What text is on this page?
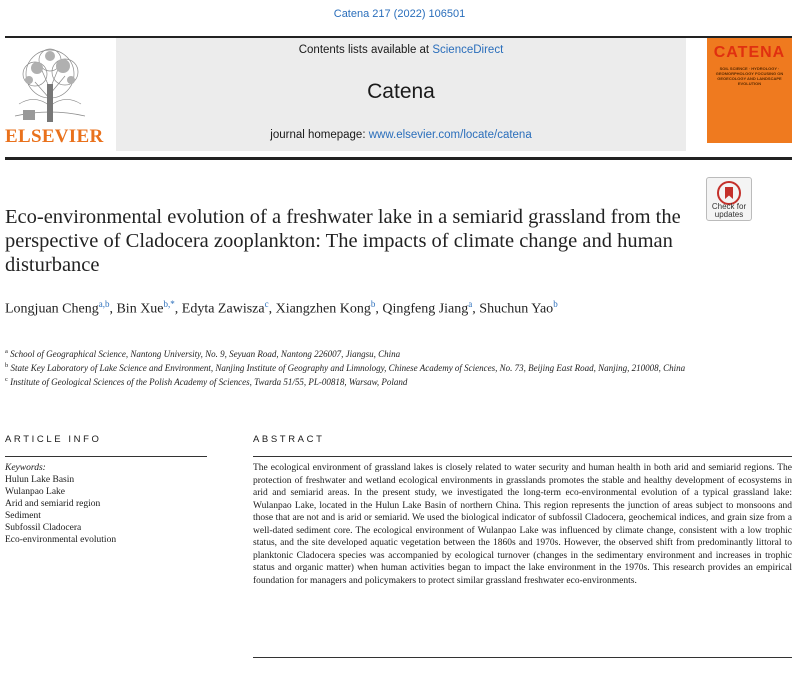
Catena 217 (2022) 106501
ELSEVIER
Contents lists available at ScienceDirect
Catena
journal homepage: www.elsevier.com/locate/catena
CATENA
SOIL SCIENCE · HYDROLOGY · GEOMORPHOLOGY FOCUSING ON GEOECOLOGY AND LANDSCAPE EVOLUTION
Check for updates
Eco-environmental evolution of a freshwater lake in a semiarid grassland from the perspective of Cladocera zooplankton: The impacts of climate change and human disturbance
Longjuan Cheng$^{a,b}$, Bin Xue$^{b,*}$, Edyta Zawisza$^c$, Xiangzhen Kong$^b$, Qingfeng Jiang$^a$, Shuchun Yao$^b$
$^a$ School of Geographical Science, Nantong University, No. 9, Seyuan Road, Nantong 226007, Jiangsu, China
$^b$ State Key Laboratory of Lake Science and Environment, Nanjing Institute of Geography and Limnology, Chinese Academy of Sciences, No. 73, Beijing East Road, Nanjing, 210008, China
$^c$ Institute of Geological Sciences of the Polish Academy of Sciences, Twarda 51/55, PL-00818, Warsaw, Poland
ARTICLE INFO	ABSTRACT
Keywords:
Hulun Lake Basin
Wulanpao Lake
Arid and semiarid region
Sediment
Subfossil Cladocera
Eco-environmental evolution
The ecological environment of grassland lakes is closely related to water security and human health in both arid and semiarid regions. The protection of freshwater and wetland ecological environments in grasslands promotes the stable and healthy development of ecosystems in arid and semiarid areas. In the present study, we investigated the long-term eco-environmental evolution of a typical grassland lake: Wulanpao Lake, located in the Hulun Lake Basin of northern China. This region represents the junction of areas subject to monsoons and those that are not and is arid or semiarid. We used the biological indicator of subfossil Cladocera, geochemical indices, and grain size from a well-dated sediment core. The ecological environment of Wulanpao Lake was influenced by climate change, consistent with a low trophic status, and the site developed aquatic vegetation between the 1860s and 1970s. However, the observed shift from predominantly littoral to planktonic Cladocera species was accompanied by ecological turnover (changes in the sedimentary environment and increases in trophic status and organic matter) when human activities began to impact the lake environment in the 1970s. This research provides an empirical foundation for managers and policymakers to protect similar grassland freshwater eco-environments.
